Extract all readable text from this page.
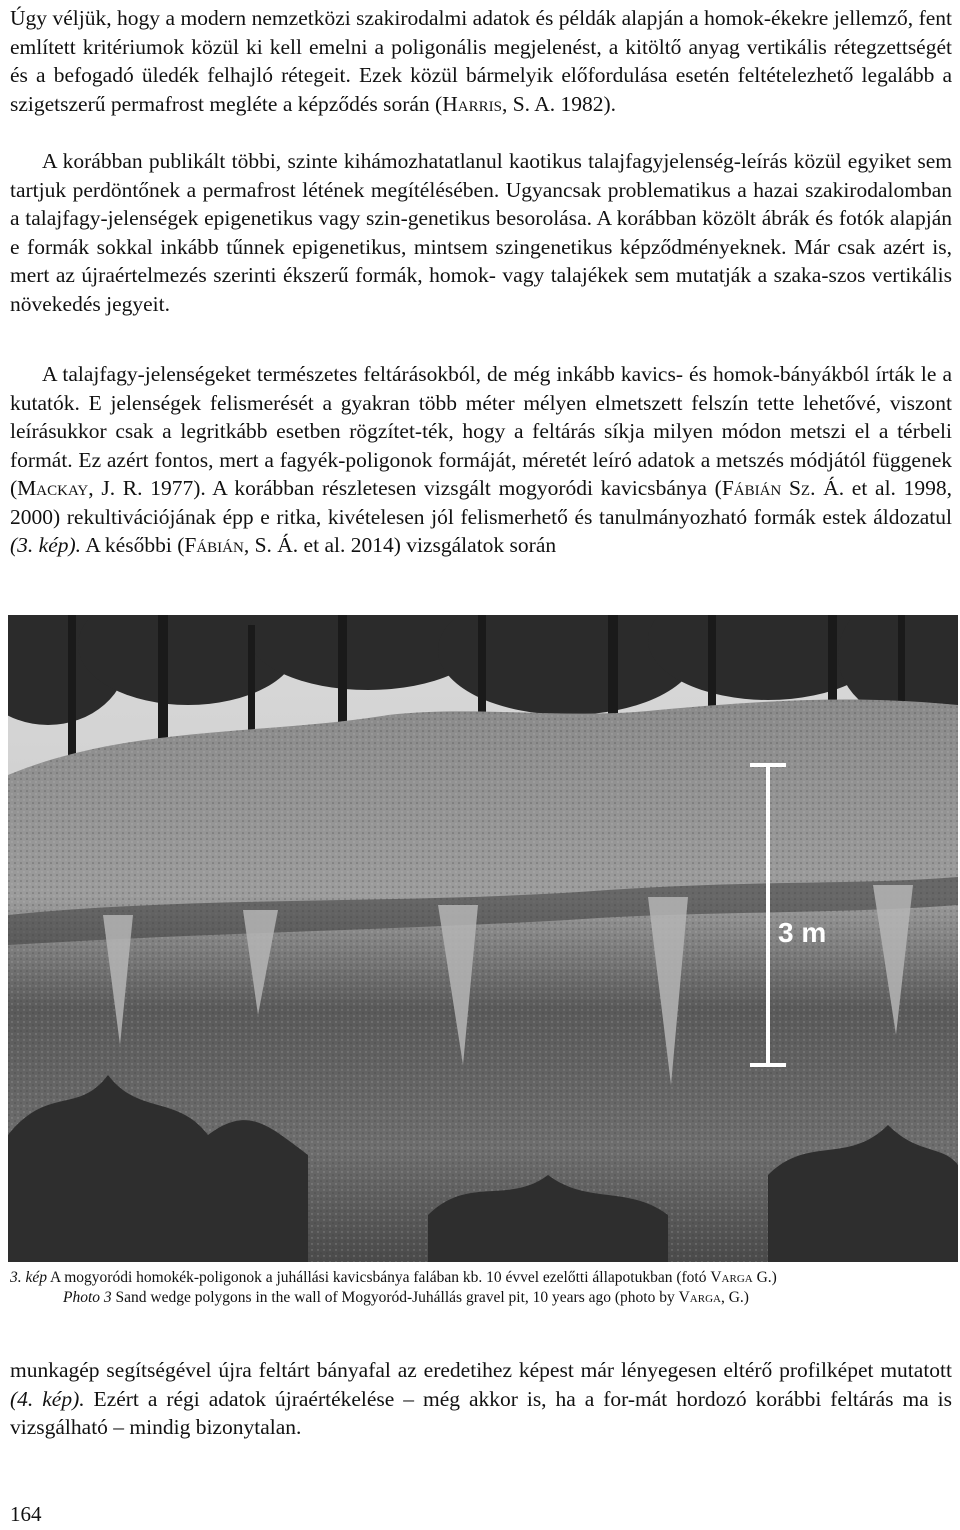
Úgy véljük, hogy a modern nemzetközi szakirodalmi adatok és példák alapján a homok-ékekre jellemző, fent említett kritériumok közül ki kell emelni a poligonális megjelenést, a kitöltő anyag vertikális rétegzettségét és a befogadó üledék felhajló rétegeit. Ezek közül bármelyik előfordulása esetén feltételezhető legalább a szigetszerű permafrost megléte a képződés során (Harris, S. A. 1982).

A korábban publikált többi, szinte kihámozhatatlanul kaotikus talajfagyjelenség-leírás közül egyiket sem tartjuk perdöntőnek a permafrost létének megítélésében. Ugyancsak problematikus a hazai szakirodalomban a talajfagy-jelenségek epigenetikus vagy szin-genetikus besorolása. A korábban közölt ábrák és fotók alapján e formák sokkal inkább tűnnek epigenetikus, mintsem szingenetikus képződményeknek. Már csak azért is, mert az újraértelmezés szerinti ékszerű formák, homok- vagy talajékek sem mutatják a szaka-szos vertikális növekedés jegyeit.

A talajfagy-jelenségeket természetes feltárásokból, de még inkább kavics- és homok-bányákból írták le a kutatók. E jelenségek felismerését a gyakran több méter mélyen elmetszett felszín tette lehetővé, viszont leírásukkor csak a legritkább esetben rögzítet-ték, hogy a feltárás síkja milyen módon metszi el a térbeli formát. Ez azért fontos, mert a fagyék-poligonok formáját, méretét leíró adatok a metszés módjától függenek (Mackay, J. R. 1977). A korábban részletesen vizsgált mogyoródi kavicsbánya (Fábián Sz. Á. et al. 1998, 2000) rekultivációjának épp e ritka, kivételesen jól felismerhető és tanulmányozható formák estek áldozatul (3. kép). A későbbi (Fábián, S. Á. et al. 2014) vizsgálatok során

3 m

3. kép A mogyoródi homokék-poligonok a juhállási kavicsbánya falában kb. 10 évvel ezelőtti állapotukban (fotó Varga G.)

Photo 3 Sand wedge polygons in the wall of Mogyoród-Juhállás gravel pit, 10 years ago (photo by Varga, G.)

munkagép segítségével újra feltárt bányafal az eredetihez képest már lényegesen eltérő profilképet mutatott (4. kép). Ezért a régi adatok újraértékelése – még akkor is, ha a for-mát hordozó korábbi feltárás ma is vizsgálható – mindig bizonytalan.

164
